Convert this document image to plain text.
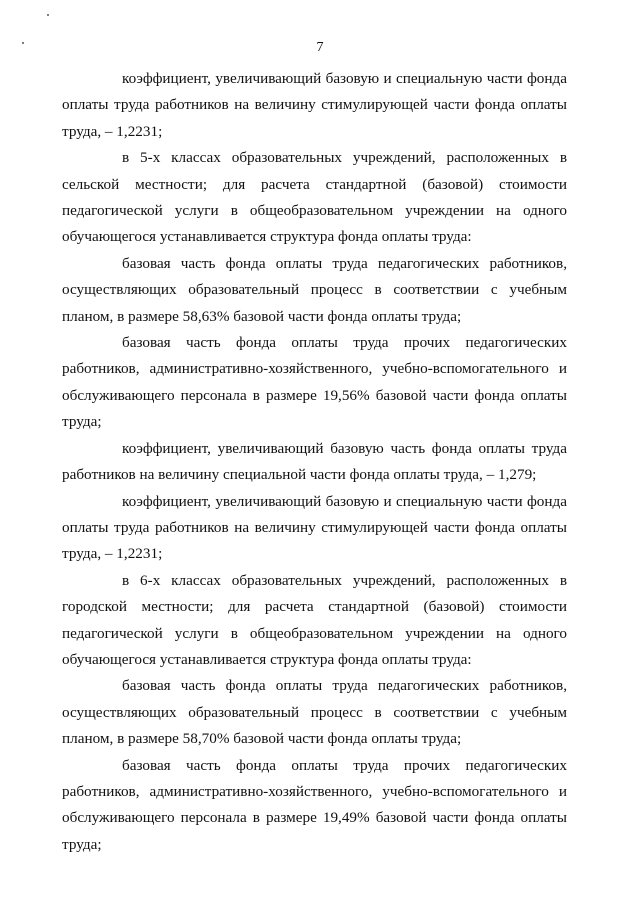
7

коэффициент, увеличивающий базовую и специальную части фонда оплаты труда работников на величину стимулирующей части фонда оплаты труда, – 1,2231;

в 5-х классах образовательных учреждений, расположенных в сельской местности; для расчета стандартной (базовой) стоимости педагогической услуги в общеобразовательном учреждении на одного обучающегося устанавливается структура фонда оплаты труда:

базовая часть фонда оплаты труда педагогических работников, осуществляющих образовательный процесс в соответствии с учебным планом, в размере 58,63% базовой части фонда оплаты труда;

базовая часть фонда оплаты труда прочих педагогических работников, административно-хозяйственного, учебно-вспомогательного и обслуживающего персонала в размере 19,56% базовой части фонда оплаты труда;

коэффициент, увеличивающий базовую часть фонда оплаты труда работников на величину специальной части фонда оплаты труда, – 1,279;

коэффициент, увеличивающий базовую и специальную части фонда оплаты труда работников на величину стимулирующей части фонда оплаты труда, – 1,2231;

в 6-х классах образовательных учреждений, расположенных в городской местности; для расчета стандартной (базовой) стоимости педагогической услуги в общеобразовательном учреждении на одного обучающегося устанавливается структура фонда оплаты труда:

базовая часть фонда оплаты труда педагогических работников, осуществляющих образовательный процесс в соответствии с учебным планом, в размере 58,70% базовой части фонда оплаты труда;

базовая часть фонда оплаты труда прочих педагогических работников, административно-хозяйственного, учебно-вспомогательного и обслуживающего персонала в размере 19,49% базовой части фонда оплаты труда;
